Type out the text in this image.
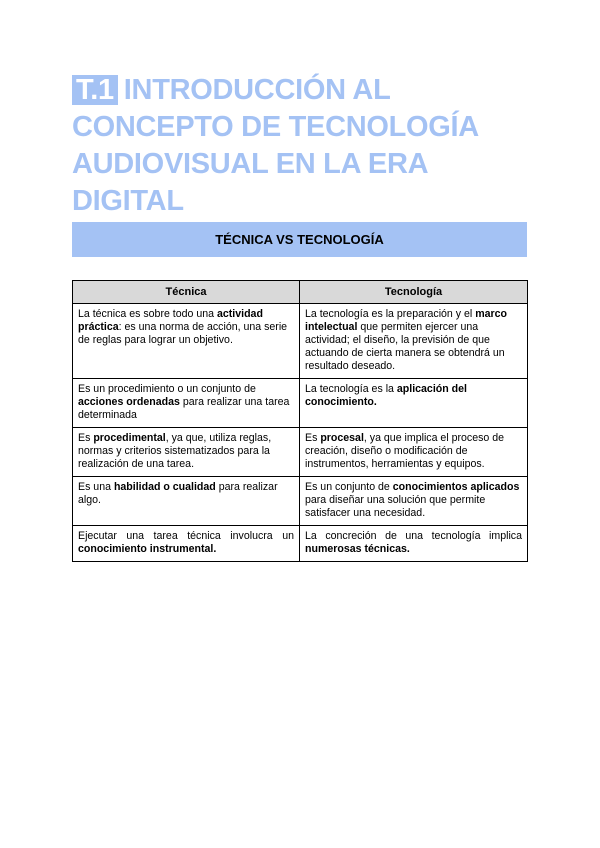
T.1 INTRODUCCIÓN AL CONCEPTO DE TECNOLOGÍA AUDIOVISUAL EN LA ERA DIGITAL
TÉCNICA VS TECNOLOGÍA
Técnica	Tecnología
La técnica es sobre todo una actividad práctica: es una norma de acción, una serie de reglas para lograr un objetivo.	La tecnología es la preparación y el marco intelectual que permiten ejercer una actividad; el diseño, la previsión de que actuando de cierta manera se obtendrá un resultado deseado.
Es un procedimiento o un conjunto de acciones ordenadas para realizar una tarea determinada	La tecnología es la aplicación del conocimiento.
Es procedimental, ya que, utiliza reglas, normas y criterios sistematizados para la realización de una tarea.	Es procesal, ya que implica el proceso de creación, diseño o modificación de instrumentos, herramientas y equipos.
Es una habilidad o cualidad para realizar algo.	Es un conjunto de conocimientos aplicados para diseñar una solución que permite satisfacer una necesidad.
Ejecutar una tarea técnica involucra un conocimiento instrumental.	La concreción de una tecnología implica numerosas técnicas.
